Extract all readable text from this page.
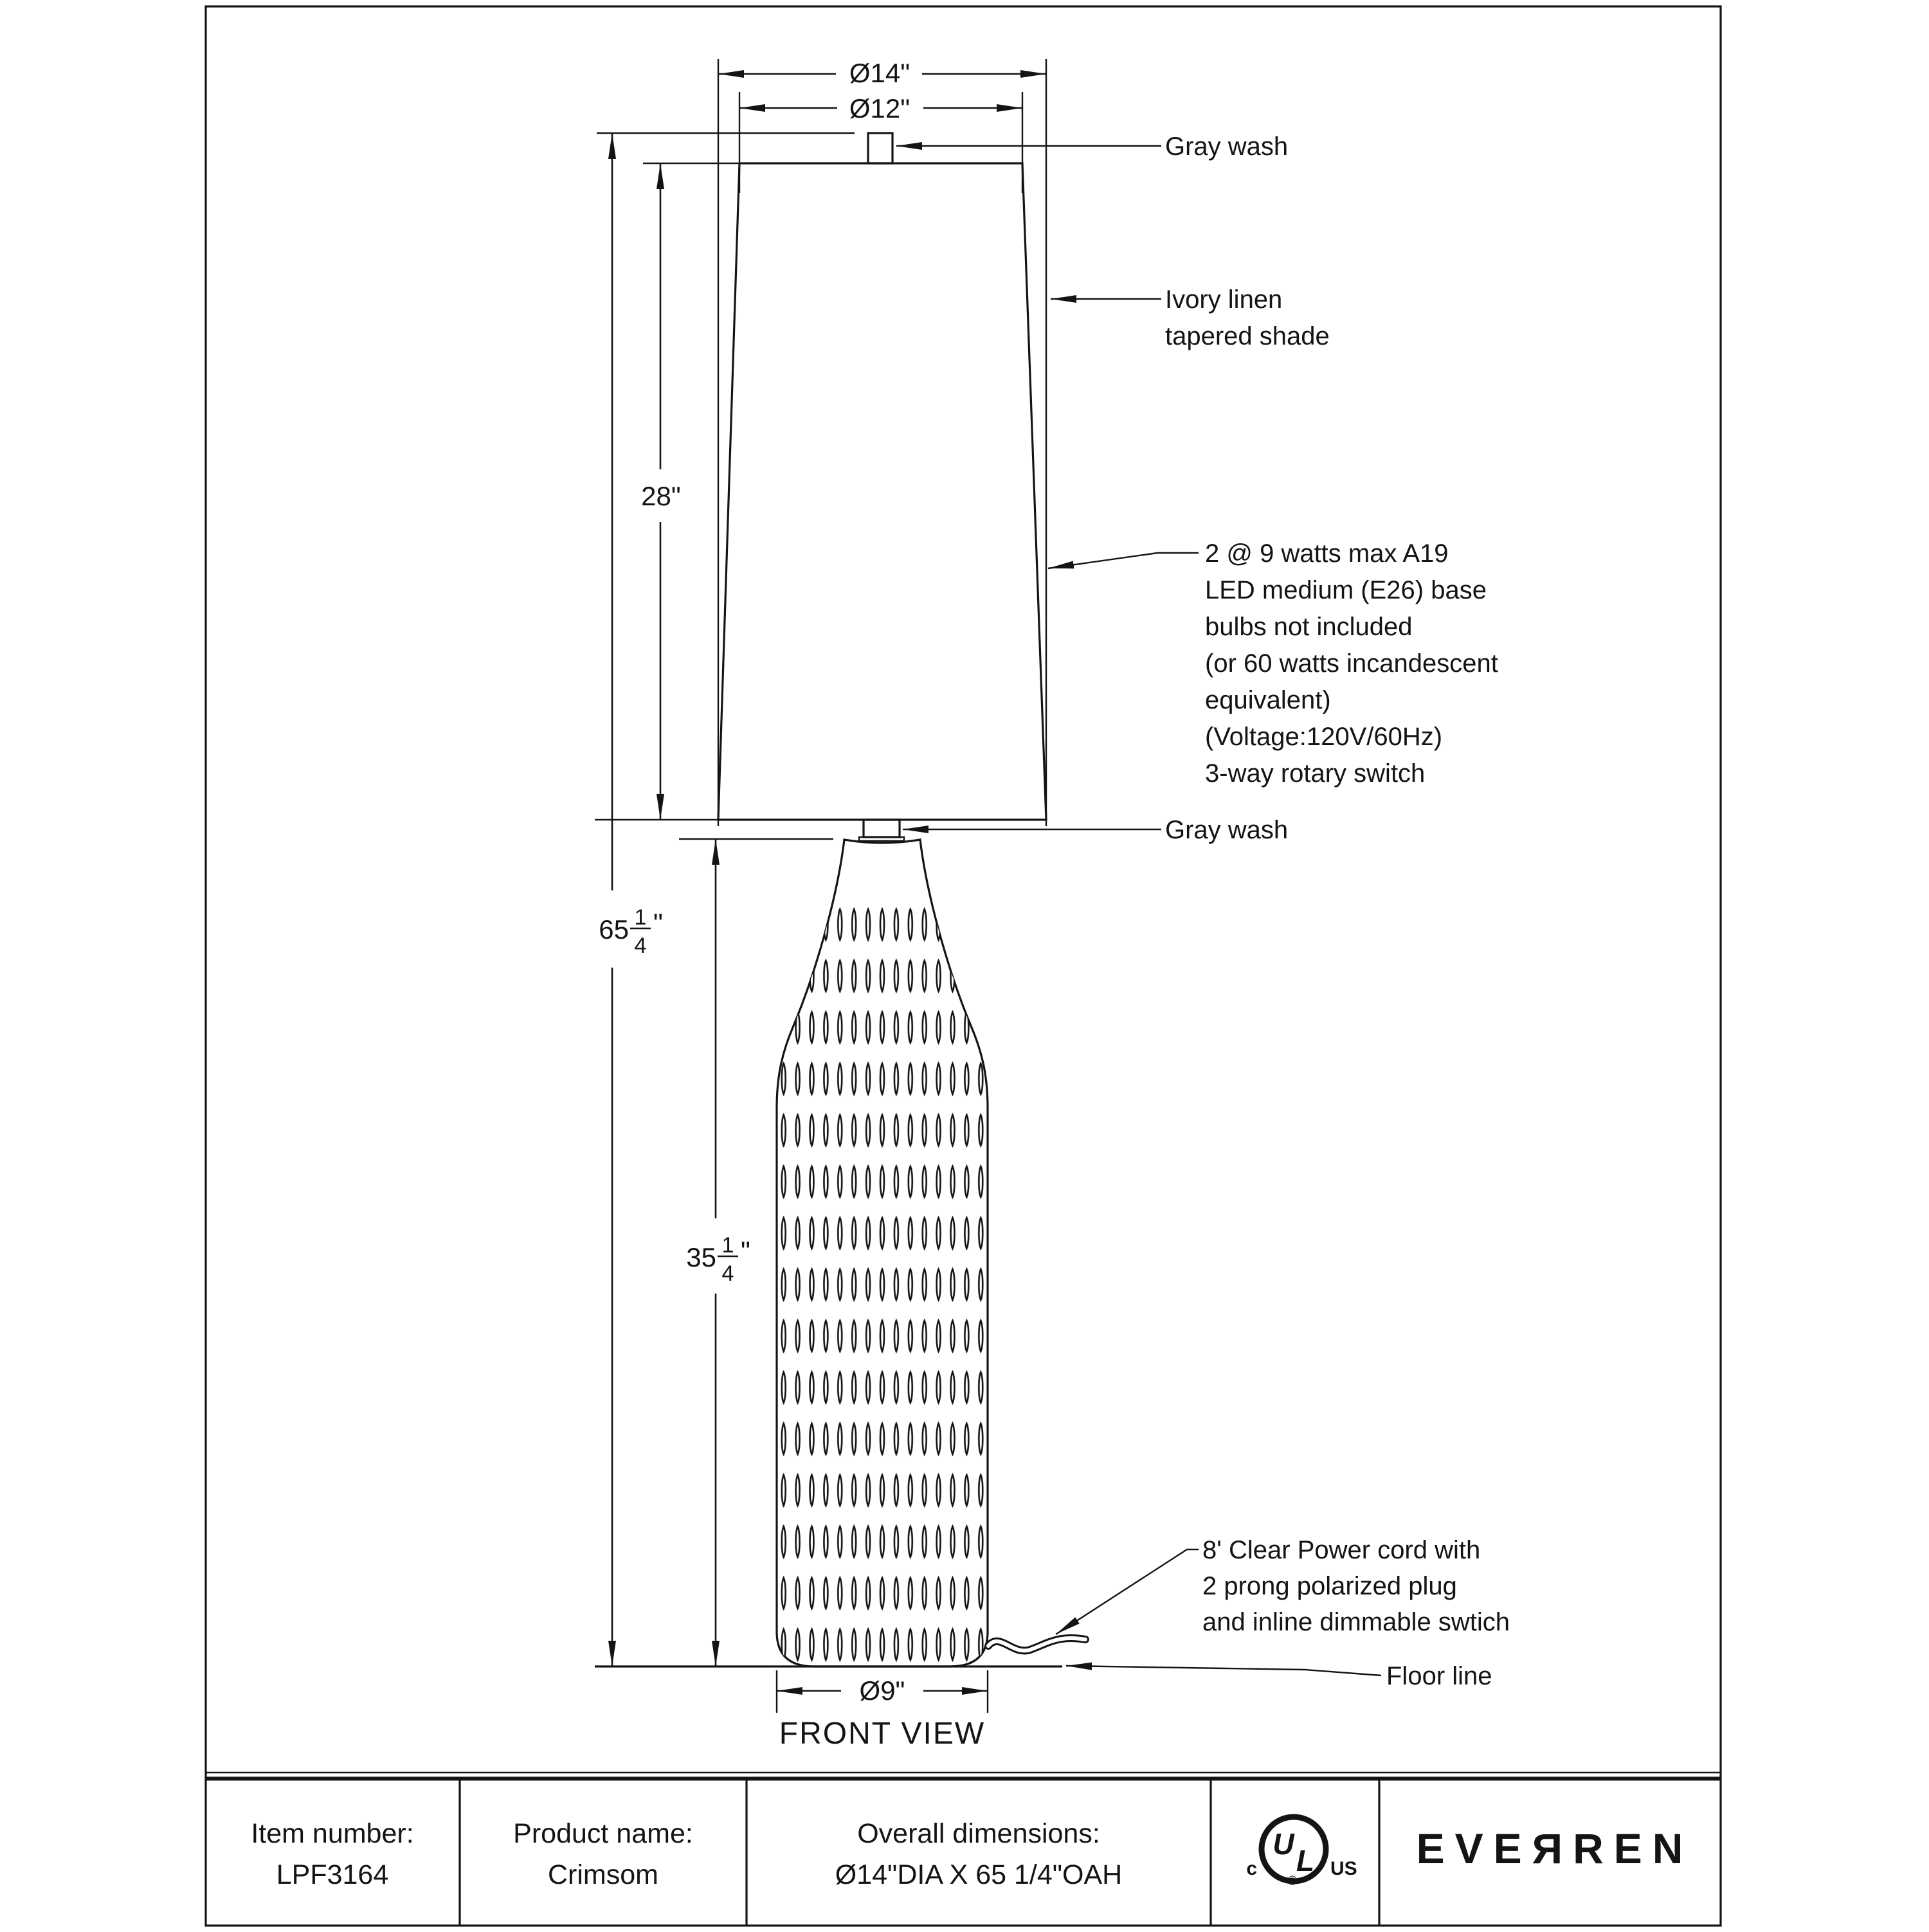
Ø14"
Ø12"
28"
Ø9"
65 1
4
"
35 1
4
"
Gray wash
Ivory linen
tapered shade
2 @ 9 watts max A19
LED medium (E26) base
bulbs not included
(or 60 watts incandescent
equivalent)
(Voltage:120V/60Hz)
3-way rotary switch
Gray wash
8' Clear Power cord with
2 prong polarized plug
and inline dimmable swtich
Floor line
FRONT VIEW
Item number:
LPF3164
Product name:
Crimsom
Overall dimensions:
Ø14"DIA X 65 1/4"OAH
U L
c	US
®
EVEЯREN
